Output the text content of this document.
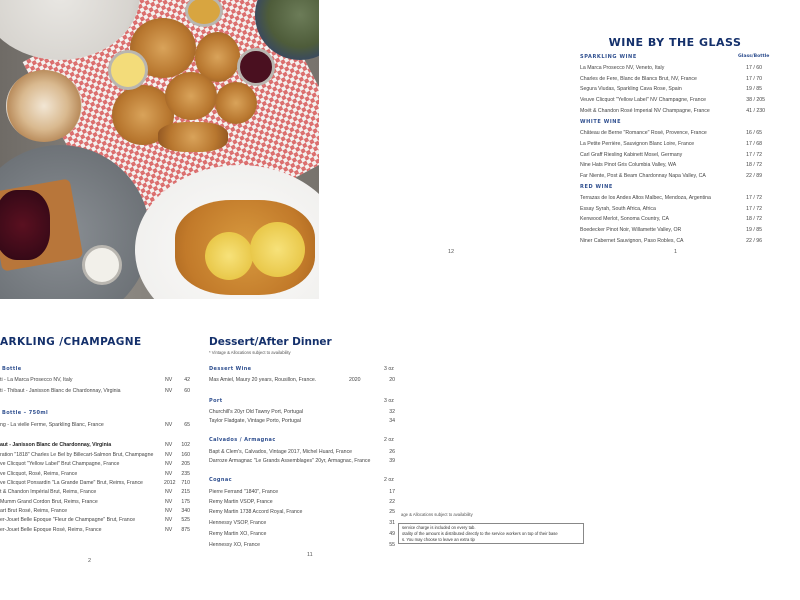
12
WINE BY THE GLASS
Glass/Bottle
SPARKLING WINE
La Marca Prosecco NV, Veneto, Italy	17 / 60
Charles de Fere, Blanc de Blancs Brut, NV, France	17 / 70
Segura Viudas, Sparkling Cava Rose, Spain	19 / 85
Veuve Clicquot "Yellow Label" NV Champagne, France	38 / 205
Moët & Chandon Rosé Imperial NV Champagne, France	41 / 230
WHITE WINE
Château de Berne "Romance" Rosé, Provence, France	16 / 65
La Petite Perrière, Sauvignon Blanc Loire, France	17 / 68
Carl Graff Riesling Kabinett Mosel, Germany	17 / 72
Nine Hats Pinot Gris Columbia Valley, WA	18 / 72
Far Niente, Post & Beam Chardonnay Napa Valley, CA	22 / 89
RED WINE
Terrazas de los Andes Altos Malbec, Mendoza, Argentina	17 / 72
Essay Syrah, South Africa, Africa	17 / 72
Kenwood Merlot, Sonoma Country, CA	18 / 72
Boedecker Pinot Noir, Willamette Valley, OR	19 / 85
Niner Cabernet Sauvignon, Paso Robles, CA	22 / 96
1
ARKLING /CHAMPAGNE
Bottle
ti - La Marca Prosecco NV, Italy	NV	42
ti - Thibaut - Janisson Blanc de Chardonnay, Virginia	NV	60
Bottle – 750ml
ng - La vielle Ferme, Sparkling Blanc, France	NV	65
aut - Janisson Blanc de Chardonnay, Virginia	NV	102
ration "1818" Charles Le Bel by Billecart-Salmon Brut, Champagne NV	160
ve Clicquot "Yellow Label" Brut Champagne, France	NV	205
ve Clicquot, Rosé, Reims, France	NV	235
ve Clicquot Ponsardin "La Grande Dame" Brut, Reims, France	2012	710
t & Chandon Impérial Brut, Reims, France	NV	215
Mumm Grand Cordon Brut, Reims, France	NV	175
art Brut Rosé, Reims, France	NV	340
er-Jouet Belle Epoque "Fleur de Champagne" Brut, France	NV	525
er-Jouet Belle Epoque Rosé, Reims, France	NV	875
2
Dessert/After Dinner
* Vintage & Allocations subject to availability
Dessert Wine	3 oz
Mas Amiel, Maury 20 years, Rousillon, France.	2020	20
Port	3 oz
Churchill's 20yr Old Tawny Port, Portugal	32
Taylor Fladgate, Vintage Porto, Portugal	34
Calvados / Armagnac	2 oz
Bapt & Clem's, Calvados, Vintage 2017, Michel Huard, France	26
Darroze Armagnac "Le Grands Assemblages" 20yr, Armagnac, France	39
Cognac	2 oz
Pierre Ferrand "1840", France	17
Remy Martin VSOP, France	22
Remy Martin 1738 Accord Royal, France	25
Hennessy VSOP, France	31
Remy Martin XO, France	49
Hennessy XO, France	55
11
age & Allocations subject to availability
service charge is included on every tab.
otality of the amount is distributed directly to the service workers on top of their base
s. You may choose to leave an extra tip
